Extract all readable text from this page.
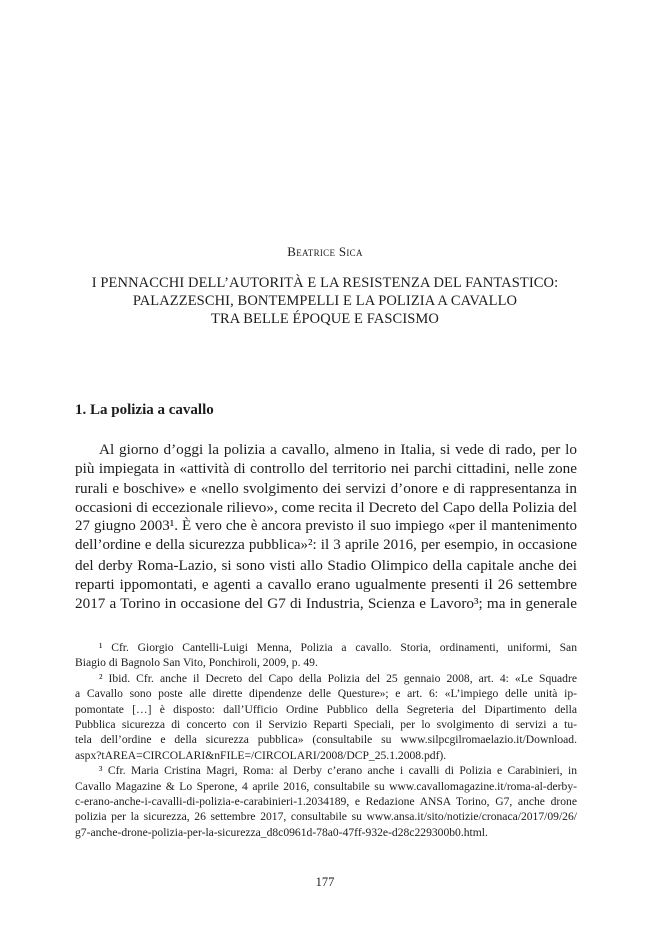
Beatrice Sica
I PENNACCHI DELL’AUTORITÀ E LA RESISTENZA DEL FANTASTICO:
PALAZZESCHI, BONTEMPELLI E LA POLIZIA A CAVALLO
TRA BELLE ÉPOQUE E FASCISMO
1. La polizia a cavallo
Al giorno d’oggi la polizia a cavallo, almeno in Italia, si vede di rado, per lo
più impiegata in «attività di controllo del territorio nei parchi cittadini, nelle zone
rurali e boschive» e «nello svolgimento dei servizi d’onore e di rappresentanza in
occasioni di eccezionale rilievo», come recita il Decreto del Capo della Polizia del
27 giugno 2003¹. È vero che è ancora previsto il suo impiego «per il mantenimento
dell’ordine e della sicurezza pubblica»²: il 3 aprile 2016, per esempio, in occasione
del derby Roma-Lazio, si sono visti allo Stadio Olimpico della capitale anche dei
reparti ippomontati, e agenti a cavallo erano ugualmente presenti il 26 settembre
2017 a Torino in occasione del G7 di Industria, Scienza e Lavoro³; ma in generale
¹ Cfr. Giorgio Cantelli-Luigi Menna, Polizia a cavallo. Storia, ordinamenti, uniformi, San
Biagio di Bagnolo San Vito, Ponchiroli, 2009, p. 49.
² Ibid. Cfr. anche il Decreto del Capo della Polizia del 25 gennaio 2008, art. 4: «Le Squadre
a Cavallo sono poste alle dirette dipendenze delle Questure»; e art. 6: «L’impiego delle unità ip-
pomontate […] è disposto: dall’Ufficio Ordine Pubblico della Segreteria del Dipartimento della
Pubblica sicurezza di concerto con il Servizio Reparti Speciali, per lo svolgimento di servizi a tu-
tela dell’ordine e della sicurezza pubblica» (consultabile su www.silpcgilromaelazio.it/Download.
aspx?tAREA=CIRCOLARI&nFILE=/CIRCOLARI/2008/DCP_25.1.2008.pdf).
³ Cfr. Maria Cristina Magri, Roma: al Derby c’erano anche i cavalli di Polizia e Carabinieri, in
Cavallo Magazine & Lo Sperone, 4 aprile 2016, consultabile su www.cavallomagazine.it/roma-al-derby-
c-erano-anche-i-cavalli-di-polizia-e-carabinieri-1.2034189, e Redazione ANSA Torino, G7, anche drone
polizia per la sicurezza, 26 settembre 2017, consultabile su www.ansa.it/sito/notizie/cronaca/2017/09/26/
g7-anche-drone-polizia-per-la-sicurezza_d8c0961d-78a0-47ff-932e-d28c229300b0.html.
177
